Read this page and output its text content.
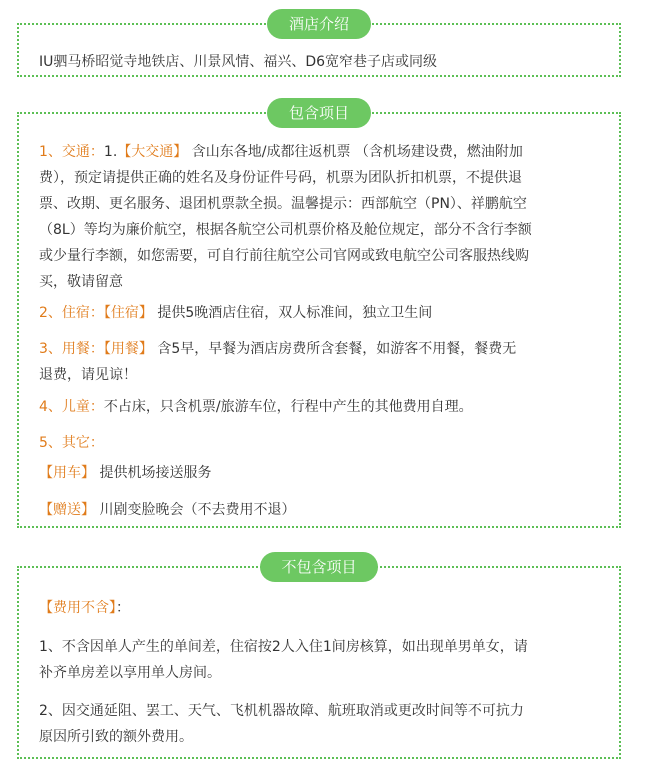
酒店介绍

IU驷马桥昭觉寺地铁店、川景风情、福兴、D6宽窄巷子店或同级

包含项目

1、交通：1.【大交通】 含山东各地/成都往返机票 （含机场建设费，燃油附加

费），预定请提供正确的姓名及身份证件号码，机票为团队折扣机票，不提供退

票、改期、更名服务、退团机票款全损。温馨提示：西部航空（PN）、祥鹏航空

（8L）等均为廉价航空，根据各航空公司机票价格及舱位规定，部分不含行李额

或少量行李额，如您需要，可自行前往航空公司官网或致电航空公司客服热线购

买，敬请留意

2、住宿：【住宿】 提供5晚酒店住宿，双人标准间，独立卫生间

3、用餐：【用餐】 含5早，早餐为酒店房费所含套餐，如游客不用餐，餐费无

退费，请见谅！

4、儿童：不占床，只含机票/旅游车位，行程中产生的其他费用自理。

5、其它：

【用车】 提供机场接送服务

【赠送】 川剧变脸晚会（不去费用不退）

不包含项目

【费用不含】：

1、不含因单人产生的单间差，住宿按2人入住1间房核算，如出现单男单女，请

补齐单房差以享用单人房间。

2、因交通延阻、罢工、天气、飞机机器故障、航班取消或更改时间等不可抗力

原因所引致的额外费用。
